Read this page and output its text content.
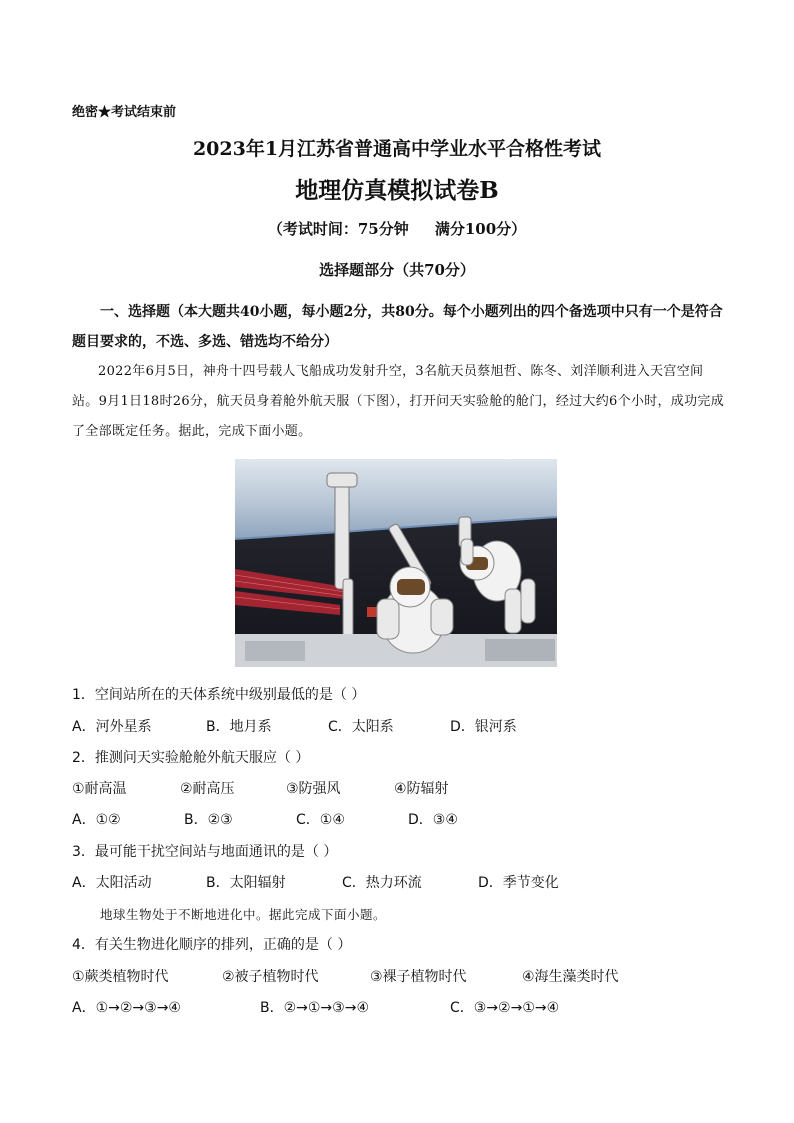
绝密★考试结束前
2023年1月江苏省普通高中学业水平合格性考试
地理仿真模拟试卷B
（考试时间：75分钟     满分100分）
选择题部分（共70分）
一、选择题（本大题共40小题，每小题2分，共80分。每个小题列出的四个备选项中只有一个是符合题目要求的，不选、多选、错选均不给分）
2022年6月5日，神舟十四号载人飞船成功发射升空，3名航天员蔡旭哲、陈冬、刘洋顺利进入天宫空间站。9月1日18时26分，航天员身着舱外航天服（下图），打开问天实验舱的舱门，经过大约6个小时，成功完成了全部既定任务。据此，完成下面小题。
1．空间站所在的天体系统中级别最低的是（ ）
A．河外星系	B．地月系	C．太阳系	D．银河系
2．推测问天实验舱舱外航天服应（ ）
①耐高温	②耐高压	③防强风	④防辐射
A．①②	B．②③	C．①④	D．③④
3．最可能干扰空间站与地面通讯的是（ ）
A．太阳活动	B．太阳辐射	C．热力环流	D．季节变化
地球生物处于不断地进化中。据此完成下面小题。
4．有关生物进化顺序的排列，正确的是（ ）
①蕨类植物时代	②被子植物时代	③裸子植物时代	④海生藻类时代
A．①→②→③→④	B．②→①→③→④	C．③→②→①→④
